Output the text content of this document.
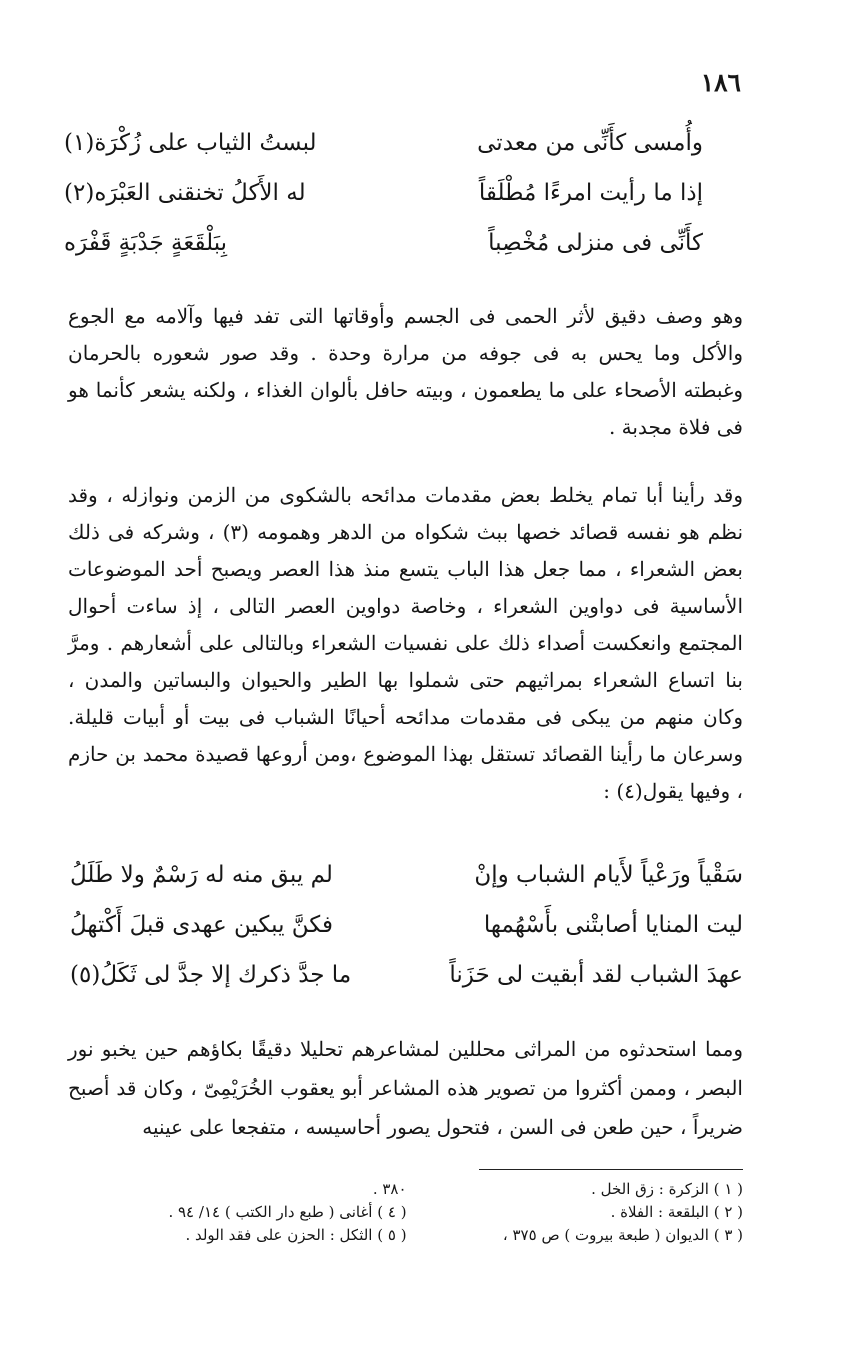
١٨٦
وأُمسى كأَنِّى من معدتى
لبستُ الثياب على زُكْرَة(١)
إذا ما رأيت امرءًا مُطْلَقاً
له الأَكلُ تخنقنى العَبْرَه(٢)
كأَنِّى فى منزلى مُخْصِباً
بِبَلْقَعَةٍ جَدْبَةٍ قَفْرَه

وهو وصف دقيق لأثر الحمى فى الجسم وأوقاتها التى تفد فيها وآلامه مع الجوع والأكل وما يحس به فى جوفه من مرارة وحدة . وقد صور شعوره بالحرمان وغبطته الأصحاء على ما يطعمون ، وبيته حافل بألوان الغذاء ، ولكنه يشعر كأنما هو فى فلاة مجدبة .

وقد رأينا أبا تمام يخلط بعض مقدمات مدائحه بالشكوى من الزمن ونوازله ، وقد نظم هو نفسه قصائد خصها ببث شكواه من الدهر وهمومه (٣) ، وشركه فى ذلك بعض الشعراء ، مما جعل هذا الباب يتسع منذ هذا العصر ويصبح أحد الموضوعات الأساسية فى دواوين الشعراء ، وخاصة دواوين العصر التالى ، إذ ساءت أحوال المجتمع وانعكست أصداء ذلك على نفسيات الشعراء وبالتالى على أشعارهم . ومرَّ بنا اتساع الشعراء بمراثيهم حتى شملوا بها الطير والحيوان والبساتين والمدن ، وكان منهم من يبكى فى مقدمات مدائحه أحيانًا الشباب فى بيت أو أبيات قليلة. وسرعان ما رأينا القصائد تستقل بهذا الموضوع ،ومن أروعها قصيدة محمد بن حازم ، وفيها يقول(٤) :

سَقْياً ورَعْياً لأَيام الشباب وإنْ
لم يبق منه له رَسْمٌ ولا طَلَلُ
ليت المنايا أصابتْنى بأَسْهُمها
فكنَّ يبكين عهدى قبلَ أَكْتهلُ
عهدَ الشباب لقد أبقيت لى حَزَناً
ما جدَّ ذكرك إلا جدَّ لى ثَكَلُ(٥)

ومما استحدثوه من المراثى محللين لمشاعرهم تحليلا دقيقًا بكاؤهم حين يخبو نور البصر ، وممن أكثروا من تصوير هذه المشاعر أبو يعقوب الخُرَيْمِىّ ، وكان قد أصبح ضريراً ، حين طعن فى السن ، فتحول يصور أحاسيسه ، متفجعا على عينيه

( ١ ) الزكرة : زق الخل .
( ٢ ) البلقعة : الفلاة .
( ٣ ) الديوان ( طبعة بيروت ) ص ٣٧٥ ،
٣٨٠ .
( ٤ ) أغانى ( طبع دار الكتب ) ١٤/ ٩٤ .
( ٥ ) الثكل : الحزن على فقد الولد .
